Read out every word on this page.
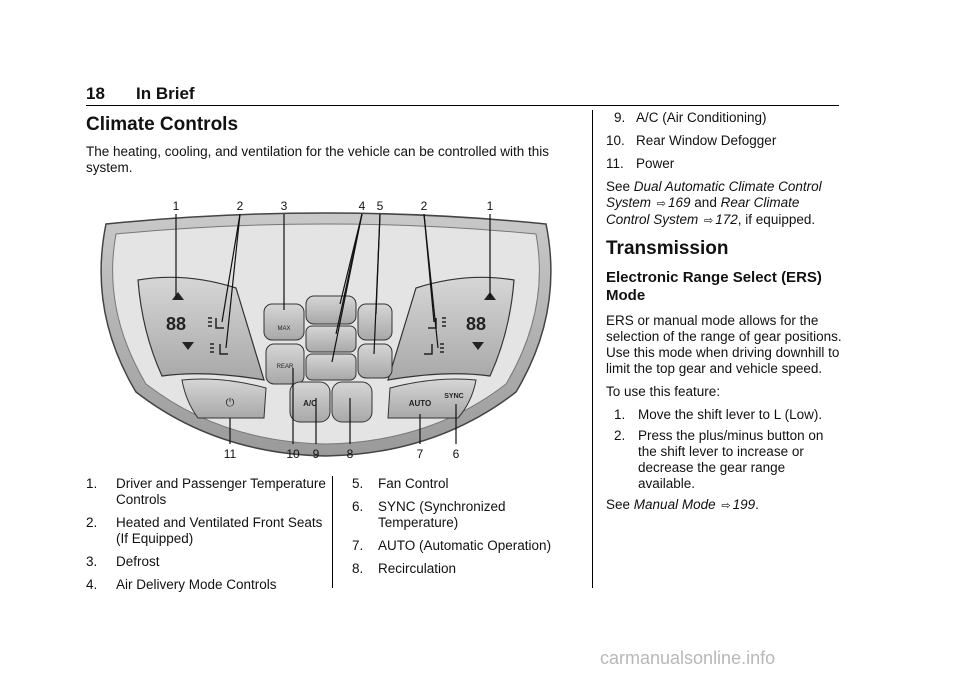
18 In Brief
Climate Controls

The heating, cooling, and ventilation for the vehicle can be controlled with this system.

88	88
MAX
REAR
A/C
⏻	AUTO
SYNC
1	2	3	4 5	2	1
11	10 9 8	7 6
1.	Driver and Passenger Temperature Controls
2.	Heated and Ventilated Front Seats (If Equipped)
3.	Defrost
4.	Air Delivery Mode Controls
5.	Fan Control
6.	SYNC (Synchronized Temperature)
7.	AUTO (Automatic Operation)
8.	Recirculation
9. A/C (Air Conditioning)
10. Rear Window Defogger
11. Power

See Dual Automatic Climate Control System ⇨ 169 and Rear Climate Control System ⇨ 172, if equipped.

Transmission
Electronic Range Select (ERS) Mode

ERS or manual mode allows for the selection of the range of gear positions. Use this mode when driving downhill to limit the top gear and vehicle speed.

To use this feature:

1. Move the shift lever to L (Low).
2. Press the plus/minus button on the shift lever to increase or decrease the gear range available.

See Manual Mode ⇨ 199.

carmanualsonline.info
